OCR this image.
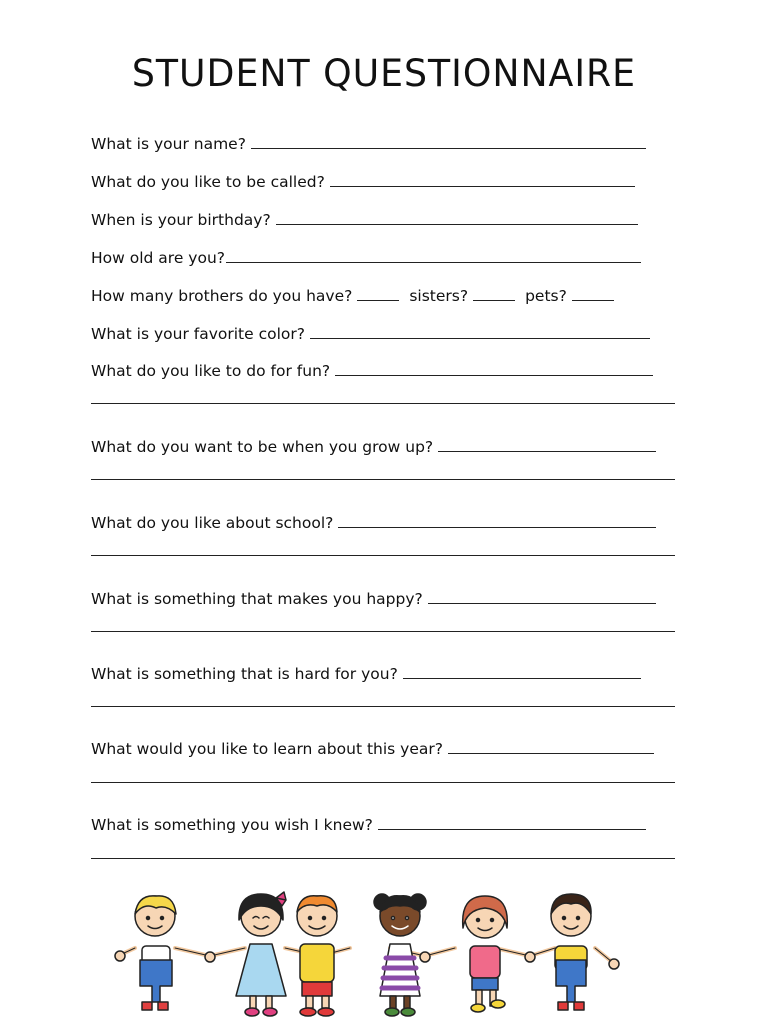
STUDENT QUESTIONNAIRE
What is your name?
What do you like to be called?
When is your birthday?
How old are you?
How many brothers do you have?	sisters?	pets?
What is your favorite color?
What do you like to do for fun?
What do you want to be when you grow up?
What do you like about school?
What is something that makes you happy?
What is something that is hard for you?
What would you like to learn about this year?
What is something you wish I knew?
